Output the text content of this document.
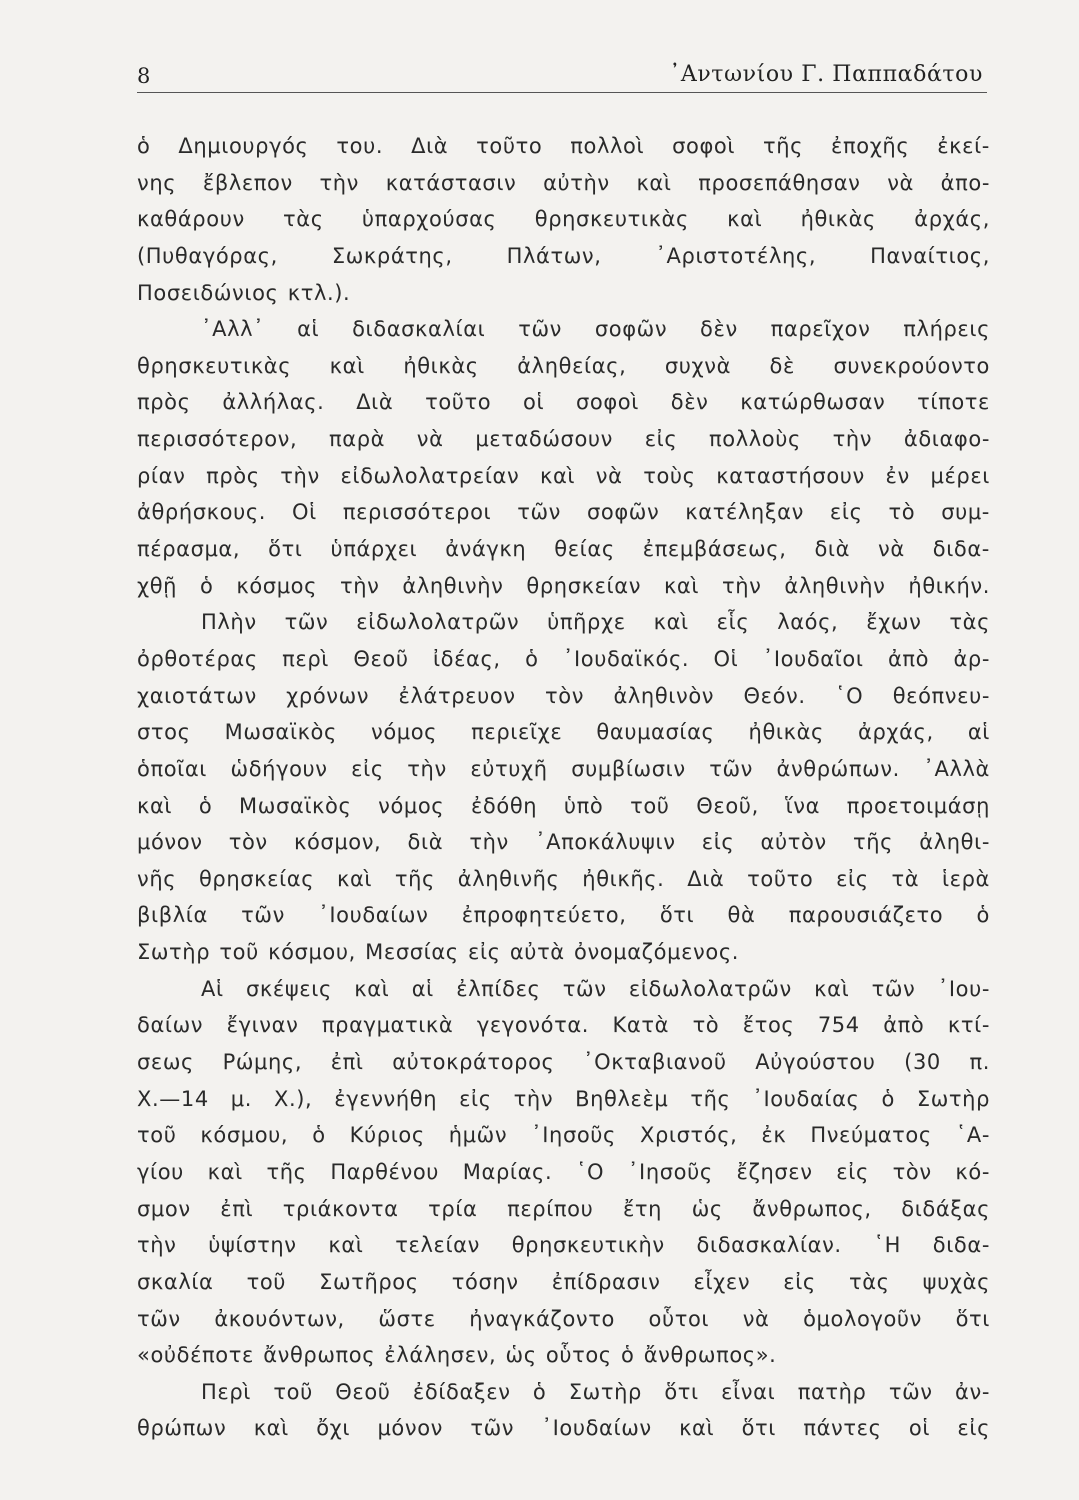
8	᾿Αντωνίου Γ. Παππαδάτου
ὁ Δημιουργός του. Διὰ τοῦτο πολλοὶ σοφοὶ τῆς ἐποχῆς ἐκεί-
νης ἔβλεπον τὴν κατάστασιν αὐτὴν καὶ προσεπάθησαν νὰ ἀπο-
καθάρουν τὰς ὑπαρχούσας θρησκευτικὰς καὶ ἠθικὰς ἀρχάς,
(Πυθαγόρας, Σωκράτης, Πλάτων, ᾿Αριστοτέλης, Παναίτιος,
Ποσειδώνιος κτλ.).
᾿Αλλ᾿ αἱ διδασκαλίαι τῶν σοφῶν δὲν παρεῖχον πλήρεις
θρησκευτικὰς καὶ ἠθικὰς ἀληθείας, συχνὰ δὲ συνεκρούοντο
πρὸς ἀλλήλας. Διὰ τοῦτο οἱ σοφοὶ δὲν κατώρθωσαν τίποτε
περισσότερον, παρὰ νὰ μεταδώσουν εἰς πολλοὺς τὴν ἀδιαφο-
ρίαν πρὸς τὴν εἰδωλολατρείαν καὶ νὰ τοὺς καταστήσουν ἐν μέρει
ἀθρήσκους. Οἱ περισσότεροι τῶν σοφῶν κατέληξαν εἰς τὸ συμ-
πέρασμα, ὅτι ὑπάρχει ἀνάγκη θείας ἐπεμβάσεως, διὰ νὰ διδα-
χθῇ ὁ κόσμος τὴν ἀληθινὴν θρησκείαν καὶ τὴν ἀληθινὴν ἠθικήν.
Πλὴν τῶν εἰδωλολατρῶν ὑπῆρχε καὶ εἷς λαός, ἔχων τὰς
ὀρθοτέρας περὶ Θεοῦ ἰδέας, ὁ ᾿Ιουδαϊκός. Οἱ ᾿Ιουδαῖοι ἀπὸ ἀρ-
χαιοτάτων χρόνων ἐλάτρευον τὸν ἀληθινὸν Θεόν. ῾Ο θεόπνευ-
στος Μωσαϊκὸς νόμος περιεῖχε θαυμασίας ἠθικὰς ἀρχάς, αἱ
ὁποῖαι ὡδήγουν εἰς τὴν εὐτυχῆ συμβίωσιν τῶν ἀνθρώπων. ᾿Αλλὰ
καὶ ὁ Μωσαϊκὸς νόμος ἐδόθη ὑπὸ τοῦ Θεοῦ, ἵνα προετοιμάσῃ
μόνον τὸν κόσμον, διὰ τὴν ᾿Αποκάλυψιν εἰς αὐτὸν τῆς ἀληθι-
νῆς θρησκείας καὶ τῆς ἀληθινῆς ἠθικῆς. Διὰ τοῦτο εἰς τὰ ἱερὰ
βιβλία τῶν ᾿Ιουδαίων ἐπροφητεύετο, ὅτι θὰ παρουσιάζετο ὁ
Σωτὴρ τοῦ κόσμου, Μεσσίας εἰς αὐτὰ ὀνομαζόμενος.
Αἱ σκέψεις καὶ αἱ ἐλπίδες τῶν εἰδωλολατρῶν καὶ τῶν ᾿Ιου-
δαίων ἔγιναν πραγματικὰ γεγονότα. Κατὰ τὸ ἔτος 754 ἀπὸ κτί-
σεως Ρώμης, ἐπὶ αὐτοκράτορος ᾿Οκταβιανοῦ Αὐγούστου (30 π.
Χ.—14 μ. Χ.), ἐγεννήθη εἰς τὴν Βηθλεὲμ τῆς ᾿Ιουδαίας ὁ Σωτὴρ
τοῦ κόσμου, ὁ Κύριος ἡμῶν ᾿Ιησοῦς Χριστός, ἐκ Πνεύματος ῾Α-
γίου καὶ τῆς Παρθένου Μαρίας. ῾Ο ᾿Ιησοῦς ἔζησεν εἰς τὸν κό-
σμον ἐπὶ τριάκοντα τρία περίπου ἔτη ὡς ἄνθρωπος, διδάξας
τὴν ὑψίστην καὶ τελείαν θρησκευτικὴν διδασκαλίαν. ῾Η διδα-
σκαλία τοῦ Σωτῆρος τόσην ἐπίδρασιν εἶχεν εἰς τὰς ψυχὰς
τῶν ἀκουόντων, ὥστε ἠναγκάζοντο οὗτοι νὰ ὁμολογοῦν ὅτι
«οὐδέποτε ἄνθρωπος ἐλάλησεν, ὡς οὗτος ὁ ἄνθρωπος».
Περὶ τοῦ Θεοῦ ἐδίδαξεν ὁ Σωτὴρ ὅτι εἶναι πατὴρ τῶν ἀν-
θρώπων καὶ ὄχι μόνον τῶν ᾿Ιουδαίων καὶ ὅτι πάντες οἱ εἰς
